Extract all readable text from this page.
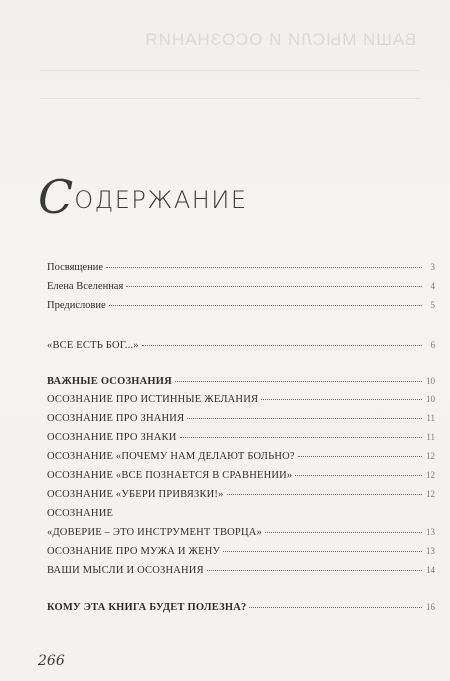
ВАШИ МЫСЛИ И ОСОЗНАНИЯ
С ОДЕРЖАНИЕ
Посвящение	3
Елена Вселенная	4
Предисловие	5
«ВСЕ ЕСТЬ БОГ...»	6
ВАЖНЫЕ ОСОЗНАНИЯ	10
ОСОЗНАНИЕ ПРО ИСТИННЫЕ ЖЕЛАНИЯ	10
ОСОЗНАНИЕ ПРО ЗНАНИЯ	11
ОСОЗНАНИЕ ПРО ЗНАКИ	11
ОСОЗНАНИЕ «ПОЧЕМУ НАМ ДЕЛАЮТ БОЛЬНО?	12
ОСОЗНАНИЕ «ВСЕ ПОЗНАЕТСЯ В СРАВНЕНИИ»	12
ОСОЗНАНИЕ «УБЕРИ ПРИВЯЗКИ!»	12
ОСОЗНАНИЕ
«ДОВЕРИЕ – ЭТО ИНСТРУМЕНТ ТВОРЦА»	13
ОСОЗНАНИЕ ПРО МУЖА И ЖЕНУ	13
ВАШИ МЫСЛИ И ОСОЗНАНИЯ	14
КОМУ ЭТА КНИГА БУДЕТ ПОЛЕЗНА?	16
266
